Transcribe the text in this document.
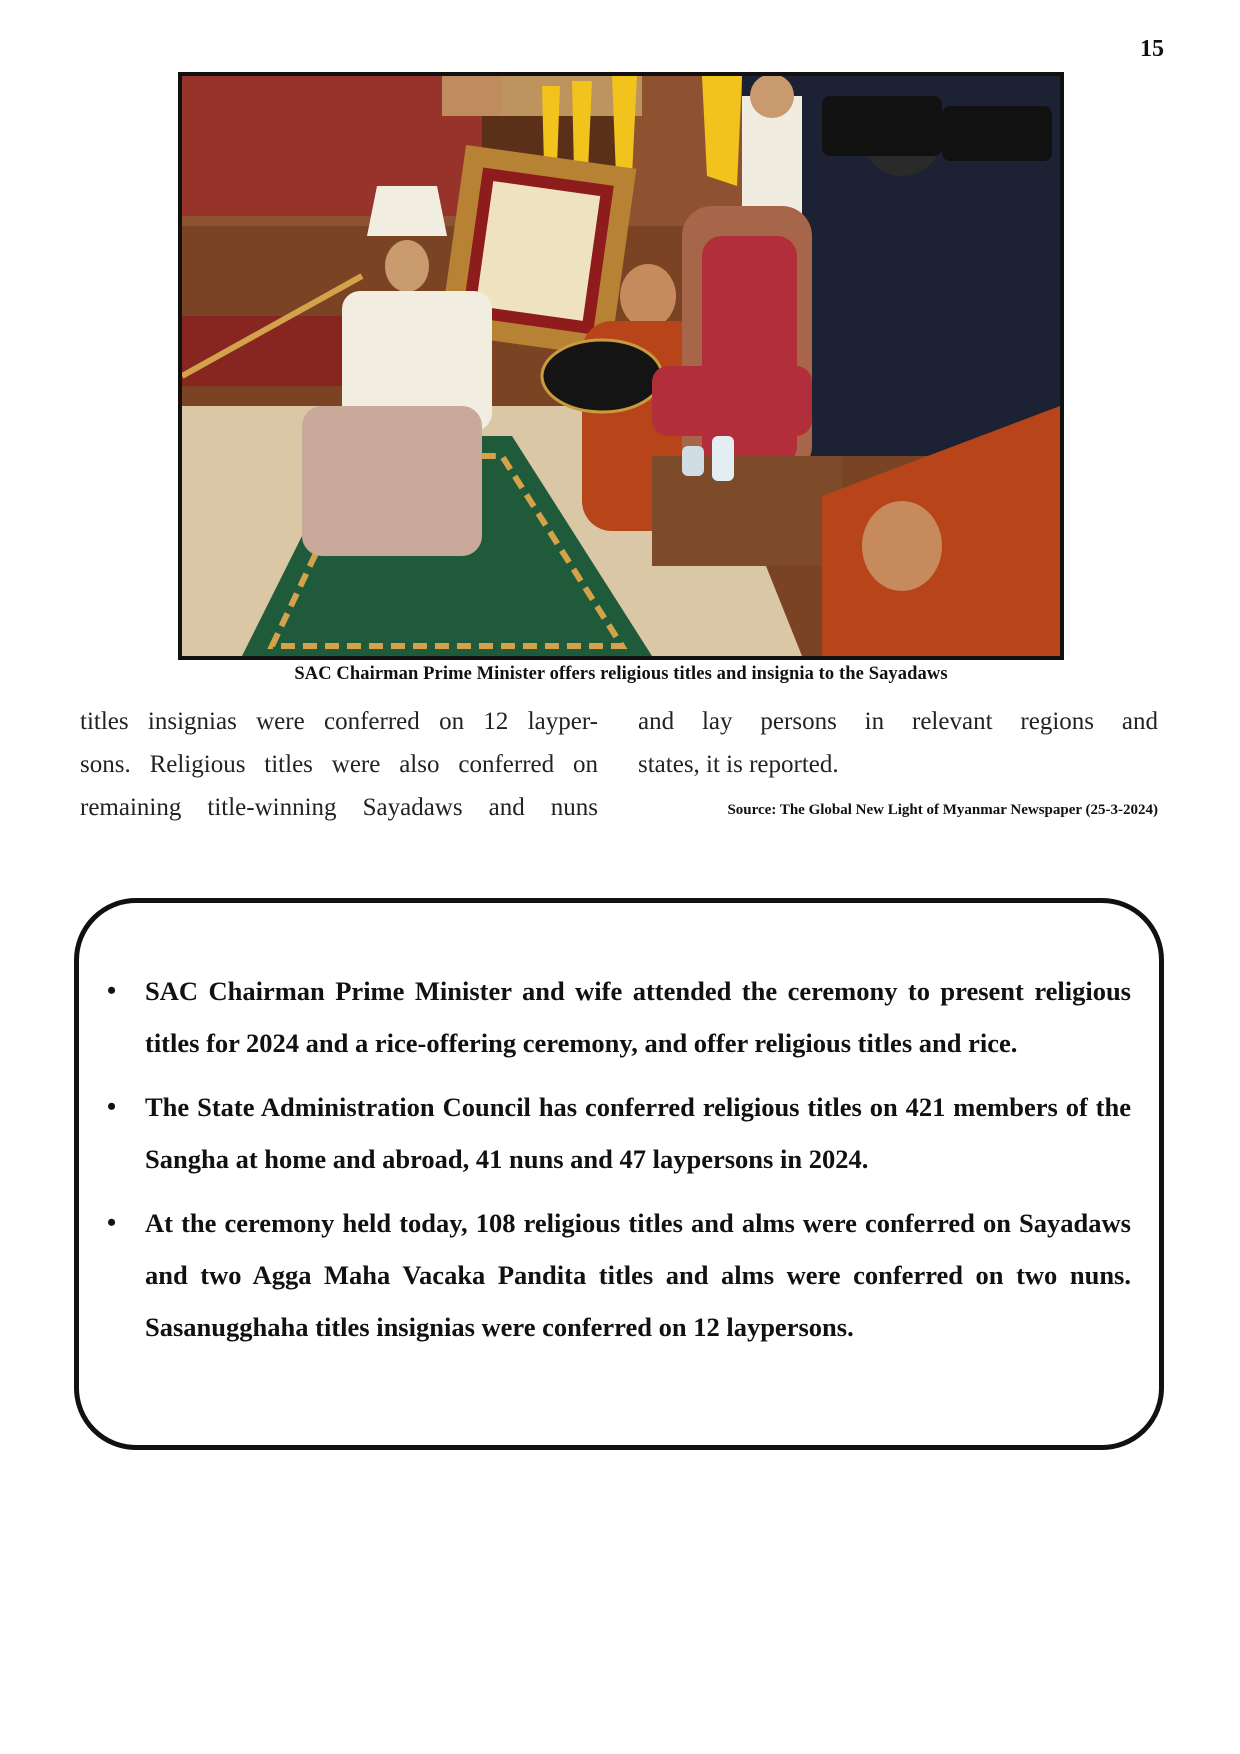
15
SAC Chairman Prime Minister offers religious titles and insignia to the Sayadaws
titles insignias were conferred on 12 layper-
sons. Religious titles were also conferred on
remaining title-winning Sayadaws and nuns
and lay persons in relevant regions and
states, it is reported.
Source: The Global New Light of Myanmar Newspaper (25-3-2024)
• SAC Chairman Prime Minister and wife attended the ceremony to present religious titles for 2024 and a rice-offering ceremony, and offer religious titles and rice.
• The State Administration Council has conferred religious titles on 421 members of the Sangha at home and abroad, 41 nuns and 47 laypersons in 2024.
• At the ceremony held today, 108 religious titles and alms were conferred on Sayadaws and two Agga Maha Vacaka Pandita titles and alms were conferred on two nuns. Sasanugghaha titles insignias were conferred on 12 laypersons.
